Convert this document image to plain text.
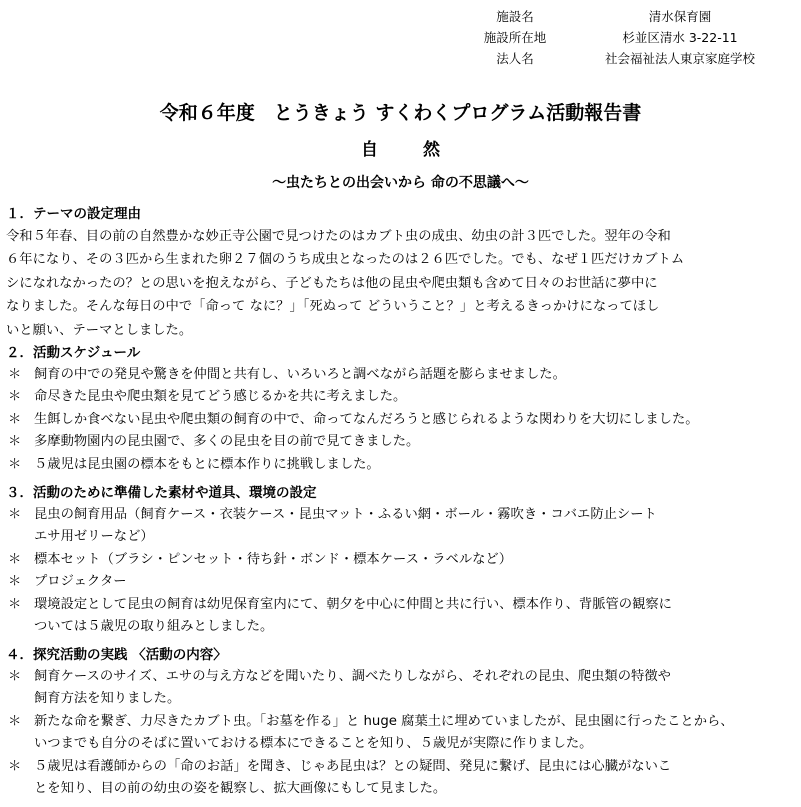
施設名	清水保育園
施設所在地	杉並区清水 3-22-11
法人名	社会福祉法人東京家庭学校
令和６年度　とうきょう すくわくプログラム活動報告書
自　然
～虫たちとの出会いから 命の不思議へ～
１．テーマの設定理由
令和５年春、目の前の自然豊かな妙正寺公園で見つけたのはカブト虫の成虫、幼虫の計３匹でした。翌年の令和
６年になり、その３匹から生まれた卵２７個のうち成虫となったのは２６匹でした。でも、なぜ１匹だけカブトム
シになれなかったの？との思いを抱えながら、子どもたちは他の昆虫や爬虫類も含めて日々のお世話に夢中に
なりました。そんな毎日の中で「命って なに？」「死ぬって どういうこと？」と考えるきっかけになってほし
いと願い、テーマとしました。
２．活動スケジュール
＊ 飼育の中での発見や驚きを仲間と共有し、いろいろと調べながら話題を膨らませました。
＊ 命尽きた昆虫や爬虫類を見てどう感じるかを共に考えました。
＊ 生餌しか食べない昆虫や爬虫類の飼育の中で、命ってなんだろうと感じられるような関わりを大切にしました。
＊ 多摩動物園内の昆虫園で、多くの昆虫を目の前で見てきました。
＊ ５歳児は昆虫園の標本をもとに標本作りに挑戦しました。
３．活動のために準備した素材や道具、環境の設定
＊ 昆虫の飼育用品（飼育ケース・衣装ケース・昆虫マット・ふるい網・ボール・霧吹き・コバエ防止シート
エサ用ゼリーなど）
＊ 標本セット（ブラシ・ピンセット・待ち針・ボンド・標本ケース・ラベルなど）
＊ プロジェクター
＊ 環境設定として昆虫の飼育は幼児保育室内にて、朝夕を中心に仲間と共に行い、標本作り、背脈管の観察に
ついては５歳児の取り組みとしました。
４．探究活動の実践 〈活動の内容〉
＊ 飼育ケースのサイズ、エサの与え方などを聞いたり、調べたりしながら、それぞれの昆虫、爬虫類の特徴や
飼育方法を知りました。
＊ 新たな命を繋ぎ、力尽きたカブト虫。「お墓を作る」と huge 腐葉土に埋めていましたが、昆虫園に行ったことから、
いつまでも自分のそばに置いておける標本にできることを知り、５歳児が実際に作りました。
＊ ５歳児は看護師からの「命のお話」を聞き、じゃあ昆虫は？との疑問、発見に繋げ、昆虫には心臓がないこ
とを知り、目の前の幼虫の姿を観察し、拡大画像にもして見ました。
